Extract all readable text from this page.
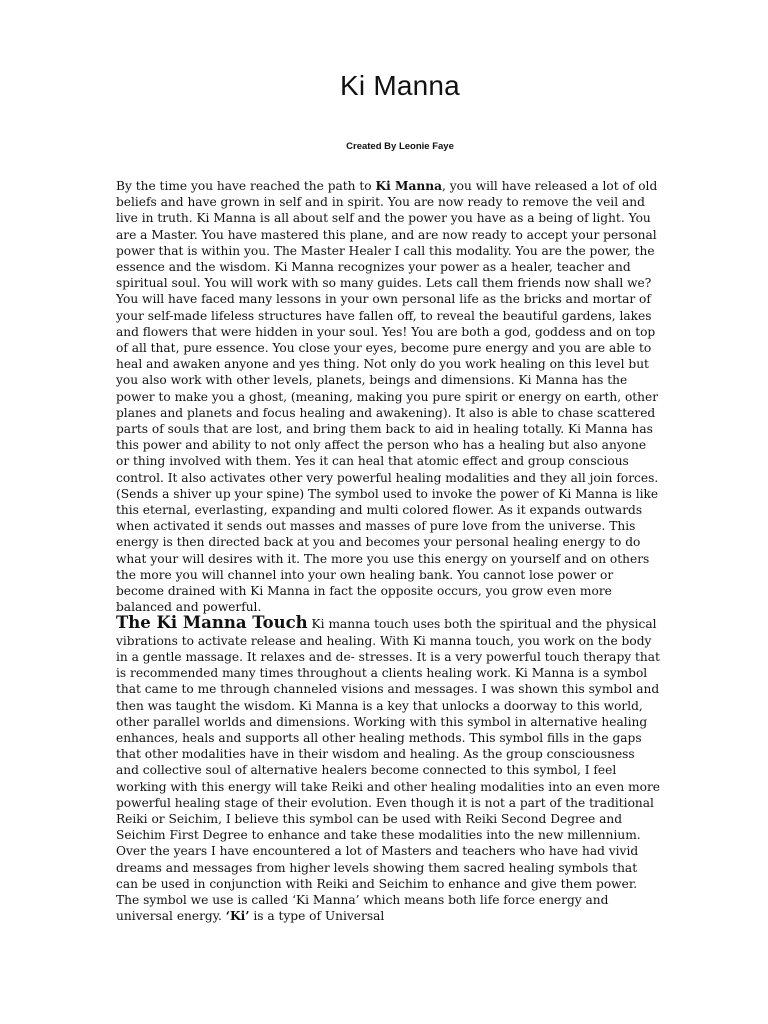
Ki Manna
Created By Leonie Faye

By the time you have reached the path to Ki Manna, you will have released a lot of old beliefs and have grown in self and in spirit. You are now ready to remove the veil and live in truth. Ki Manna is all about self and the power you have as a being of light. You are a Master. You have mastered this plane, and are now ready to accept your personal power that is within you. The Master Healer I call this modality. You are the power, the essence and the wisdom. Ki Manna recognizes your power as a healer, teacher and spiritual soul. You will work with so many guides. Lets call them friends now shall we? You will have faced many lessons in your own personal life as the bricks and mortar of your self-made lifeless structures have fallen off, to reveal the beautiful gardens, lakes and flowers that were hidden in your soul. Yes! You are both a god, goddess and on top of all that, pure essence. You close your eyes, become pure energy and you are able to heal and awaken anyone and yes thing. Not only do you work healing on this level but you also work with other levels, planets, beings and dimensions. Ki Manna has the power to make you a ghost, (meaning, making you pure spirit or energy on earth, other planes and planets and focus healing and awakening). It also is able to chase scattered parts of souls that are lost, and bring them back to aid in healing totally. Ki Manna has this power and ability to not only affect the person who has a healing but also anyone or thing involved with them. Yes it can heal that atomic effect and group conscious control. It also activates other very powerful healing modalities and they all join forces. (Sends a shiver up your spine) The symbol used to invoke the power of Ki Manna is like this eternal, everlasting, expanding and multi colored flower. As it expands outwards when activated it sends out masses and masses of pure love from the universe. This energy is then directed back at you and becomes your personal healing energy to do what your will desires with it. The more you use this energy on yourself and on others the more you will channel into your own healing bank. You cannot lose power or become drained with Ki Manna in fact the opposite occurs, you grow even more balanced and powerful.

The Ki Manna Touch Ki manna touch uses both the spiritual and the physical vibrations to activate release and healing. With Ki manna touch, you work on the body in a gentle massage. It relaxes and de- stresses. It is a very powerful touch therapy that is recommended many times throughout a clients healing work. Ki Manna is a symbol that came to me through channeled visions and messages. I was shown this symbol and then was taught the wisdom. Ki Manna is a key that unlocks a doorway to this world, other parallel worlds and dimensions. Working with this symbol in alternative healing enhances, heals and supports all other healing methods. This symbol fills in the gaps that other modalities have in their wisdom and healing. As the group consciousness and collective soul of alternative healers become connected to this symbol, I feel working with this energy will take Reiki and other healing modalities into an even more powerful healing stage of their evolution. Even though it is not a part of the traditional Reiki or Seichim, I believe this symbol can be used with Reiki Second Degree and Seichim First Degree to enhance and take these modalities into the new millennium. Over the years I have encountered a lot of Masters and teachers who have had vivid dreams and messages from higher levels showing them sacred healing symbols that can be used in conjunction with Reiki and Seichim to enhance and give them power. The symbol we use is called ‘Ki Manna’ which means both life force energy and universal energy. ‘Ki’ is a type of Universal
